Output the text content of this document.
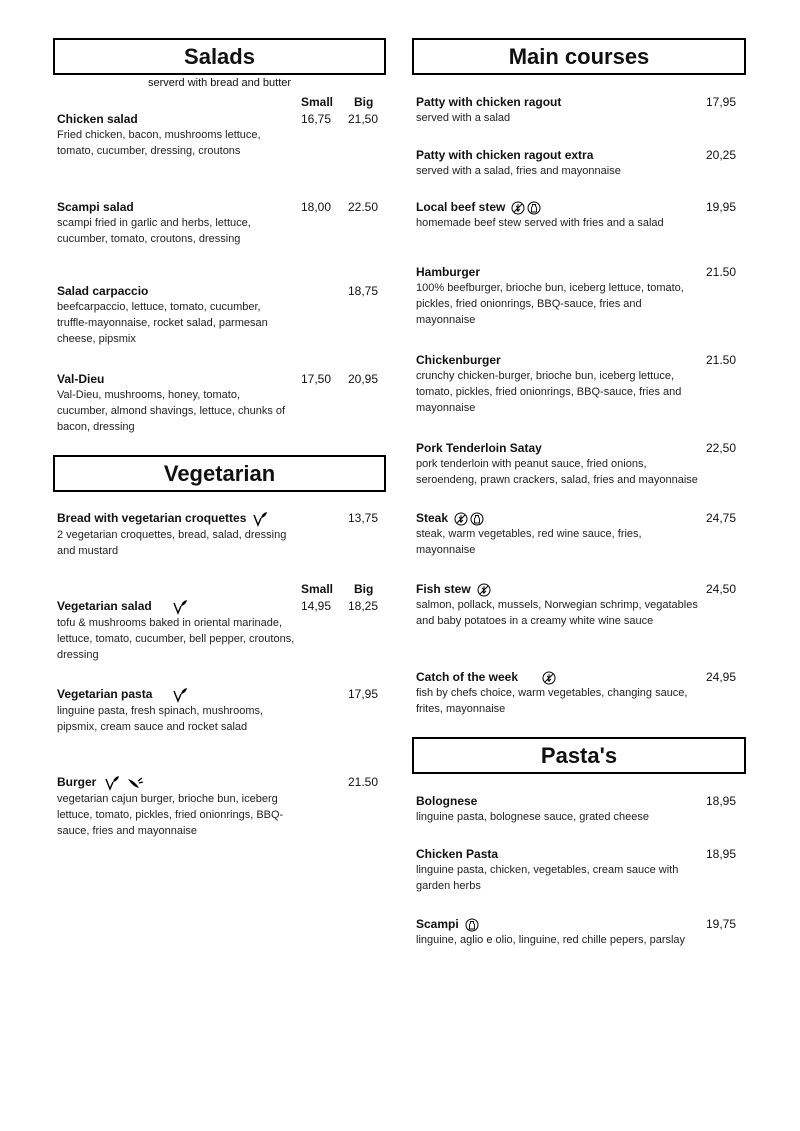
Salads
serverd with bread and butter
Small Big
Chicken salad
Fried chicken, bacon, mushrooms lettuce, tomato, cucumber, dressing, croutons
16,75 21,50
Scampi salad
scampi fried in garlic and herbs, lettuce, cucumber, tomato, croutons, dressing
18,00 22.50
Salad carpaccio
beefcarpaccio, lettuce, tomato, cucumber, truffle-mayonnaise, rocket salad, parmesan cheese, pipsmix
18,75
Val-Dieu
Val-Dieu, mushrooms, honey, tomato, cucumber, almond shavings, lettuce, chunks of bacon, dressing
17,50 20,95
Vegetarian
Bread with vegetarian croquettes
2 vegetarian croquettes, bread, salad, dressing and mustard
13,75
Small Big
Vegetarian salad
tofu & mushrooms baked in oriental marinade, lettuce, tomato, cucumber, bell pepper, croutons, dressing
14,95 18,25
Vegetarian pasta
linguine pasta, fresh spinach, mushrooms, pipsmix, cream sauce and rocket salad
17,95
Burger
vegetarian cajun burger, brioche bun, iceberg lettuce, tomato, pickles, fried onionrings, BBQ-sauce, fries and mayonnaise
21.50
Main courses
Patty with chicken ragout
served with a salad
17,95
Patty with chicken ragout extra
served with a salad, fries and mayonnaise
20,25
Local beef stew
homemade beef stew served with fries and a salad
19,95
Hamburger
100% beefburger, brioche bun, iceberg lettuce, tomato, pickles, fried onionrings, BBQ-sauce, fries and mayonnaise
21.50
Chickenburger
crunchy chicken-burger, brioche bun, iceberg lettuce, tomato, pickles, fried onionrings, BBQ-sauce, fries and mayonnaise
21.50
Pork Tenderloin Satay
pork tenderloin with peanut sauce, fried onions, seroendeng, prawn crackers, salad, fries and mayonnaise
22,50
Steak
steak, warm vegetables, red wine sauce, fries, mayonnaise
24,75
Fish stew
salmon, pollack, mussels, Norwegian schrimp, vegatables and baby potatoes in a creamy white wine sauce
24,50
Catch of the week
fish by chefs choice, warm vegetables, changing sauce, frites, mayonnaise
24,95
Pasta's
Bolognese
linguine pasta, bolognese sauce, grated cheese
18,95
Chicken Pasta
linguine pasta, chicken, vegetables, cream sauce with garden herbs
18,95
Scampi
linguine, aglio e olio, linguine, red chille pepers, parslay
19,75
